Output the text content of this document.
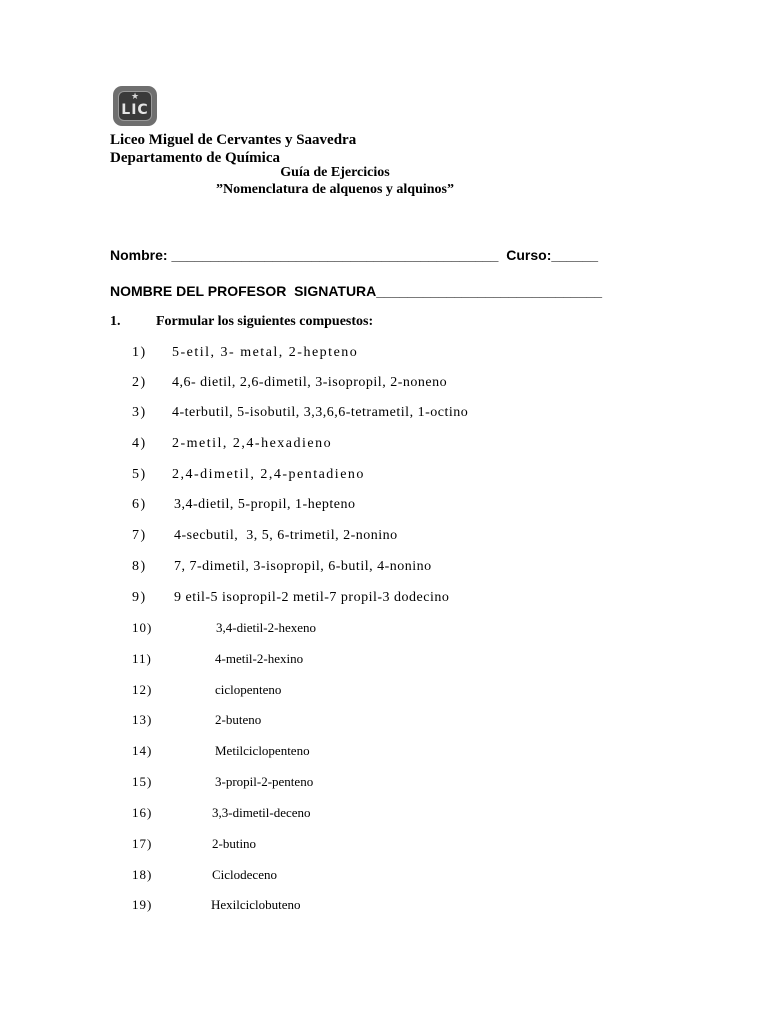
★
LIC
Liceo Miguel de Cervantes y Saavedra
Departamento de Química
Guía de Ejercicios
”Nomenclatura de alquenos y alquinos”
Nombre: __________________________________________  Curso:______
NOMBRE DEL PROFESOR  SIGNATURA_____________________________
1.	Formular los siguientes compuestos:
1) 5-etil, 3- metal, 2-hepteno
2) 4,6- dietil, 2,6-dimetil, 3-isopropil, 2-noneno
3) 4-terbutil, 5-isobutil, 3,3,6,6-tetrametil, 1-octino
4) 2-metil, 2,4-hexadieno
5) 2,4-dimetil, 2,4-pentadieno
6) 3,4-dietil, 5-propil, 1-hepteno
7) 4-secbutil,  3, 5, 6-trimetil, 2-nonino
8) 7, 7-dimetil, 3-isopropil, 6-butil, 4-nonino
9) 9 etil-5 isopropil-2 metil-7 propil-3 dodecino
10)	3,4-dietil-2-hexeno
11)	4-metil-2-hexino
12)	ciclopenteno
13)	2-buteno
14)	Metilciclopenteno
15)	3-propil-2-penteno
16)	3,3-dimetil-deceno
17)	2-butino
18)	Ciclodeceno
19)	Hexilciclobuteno
